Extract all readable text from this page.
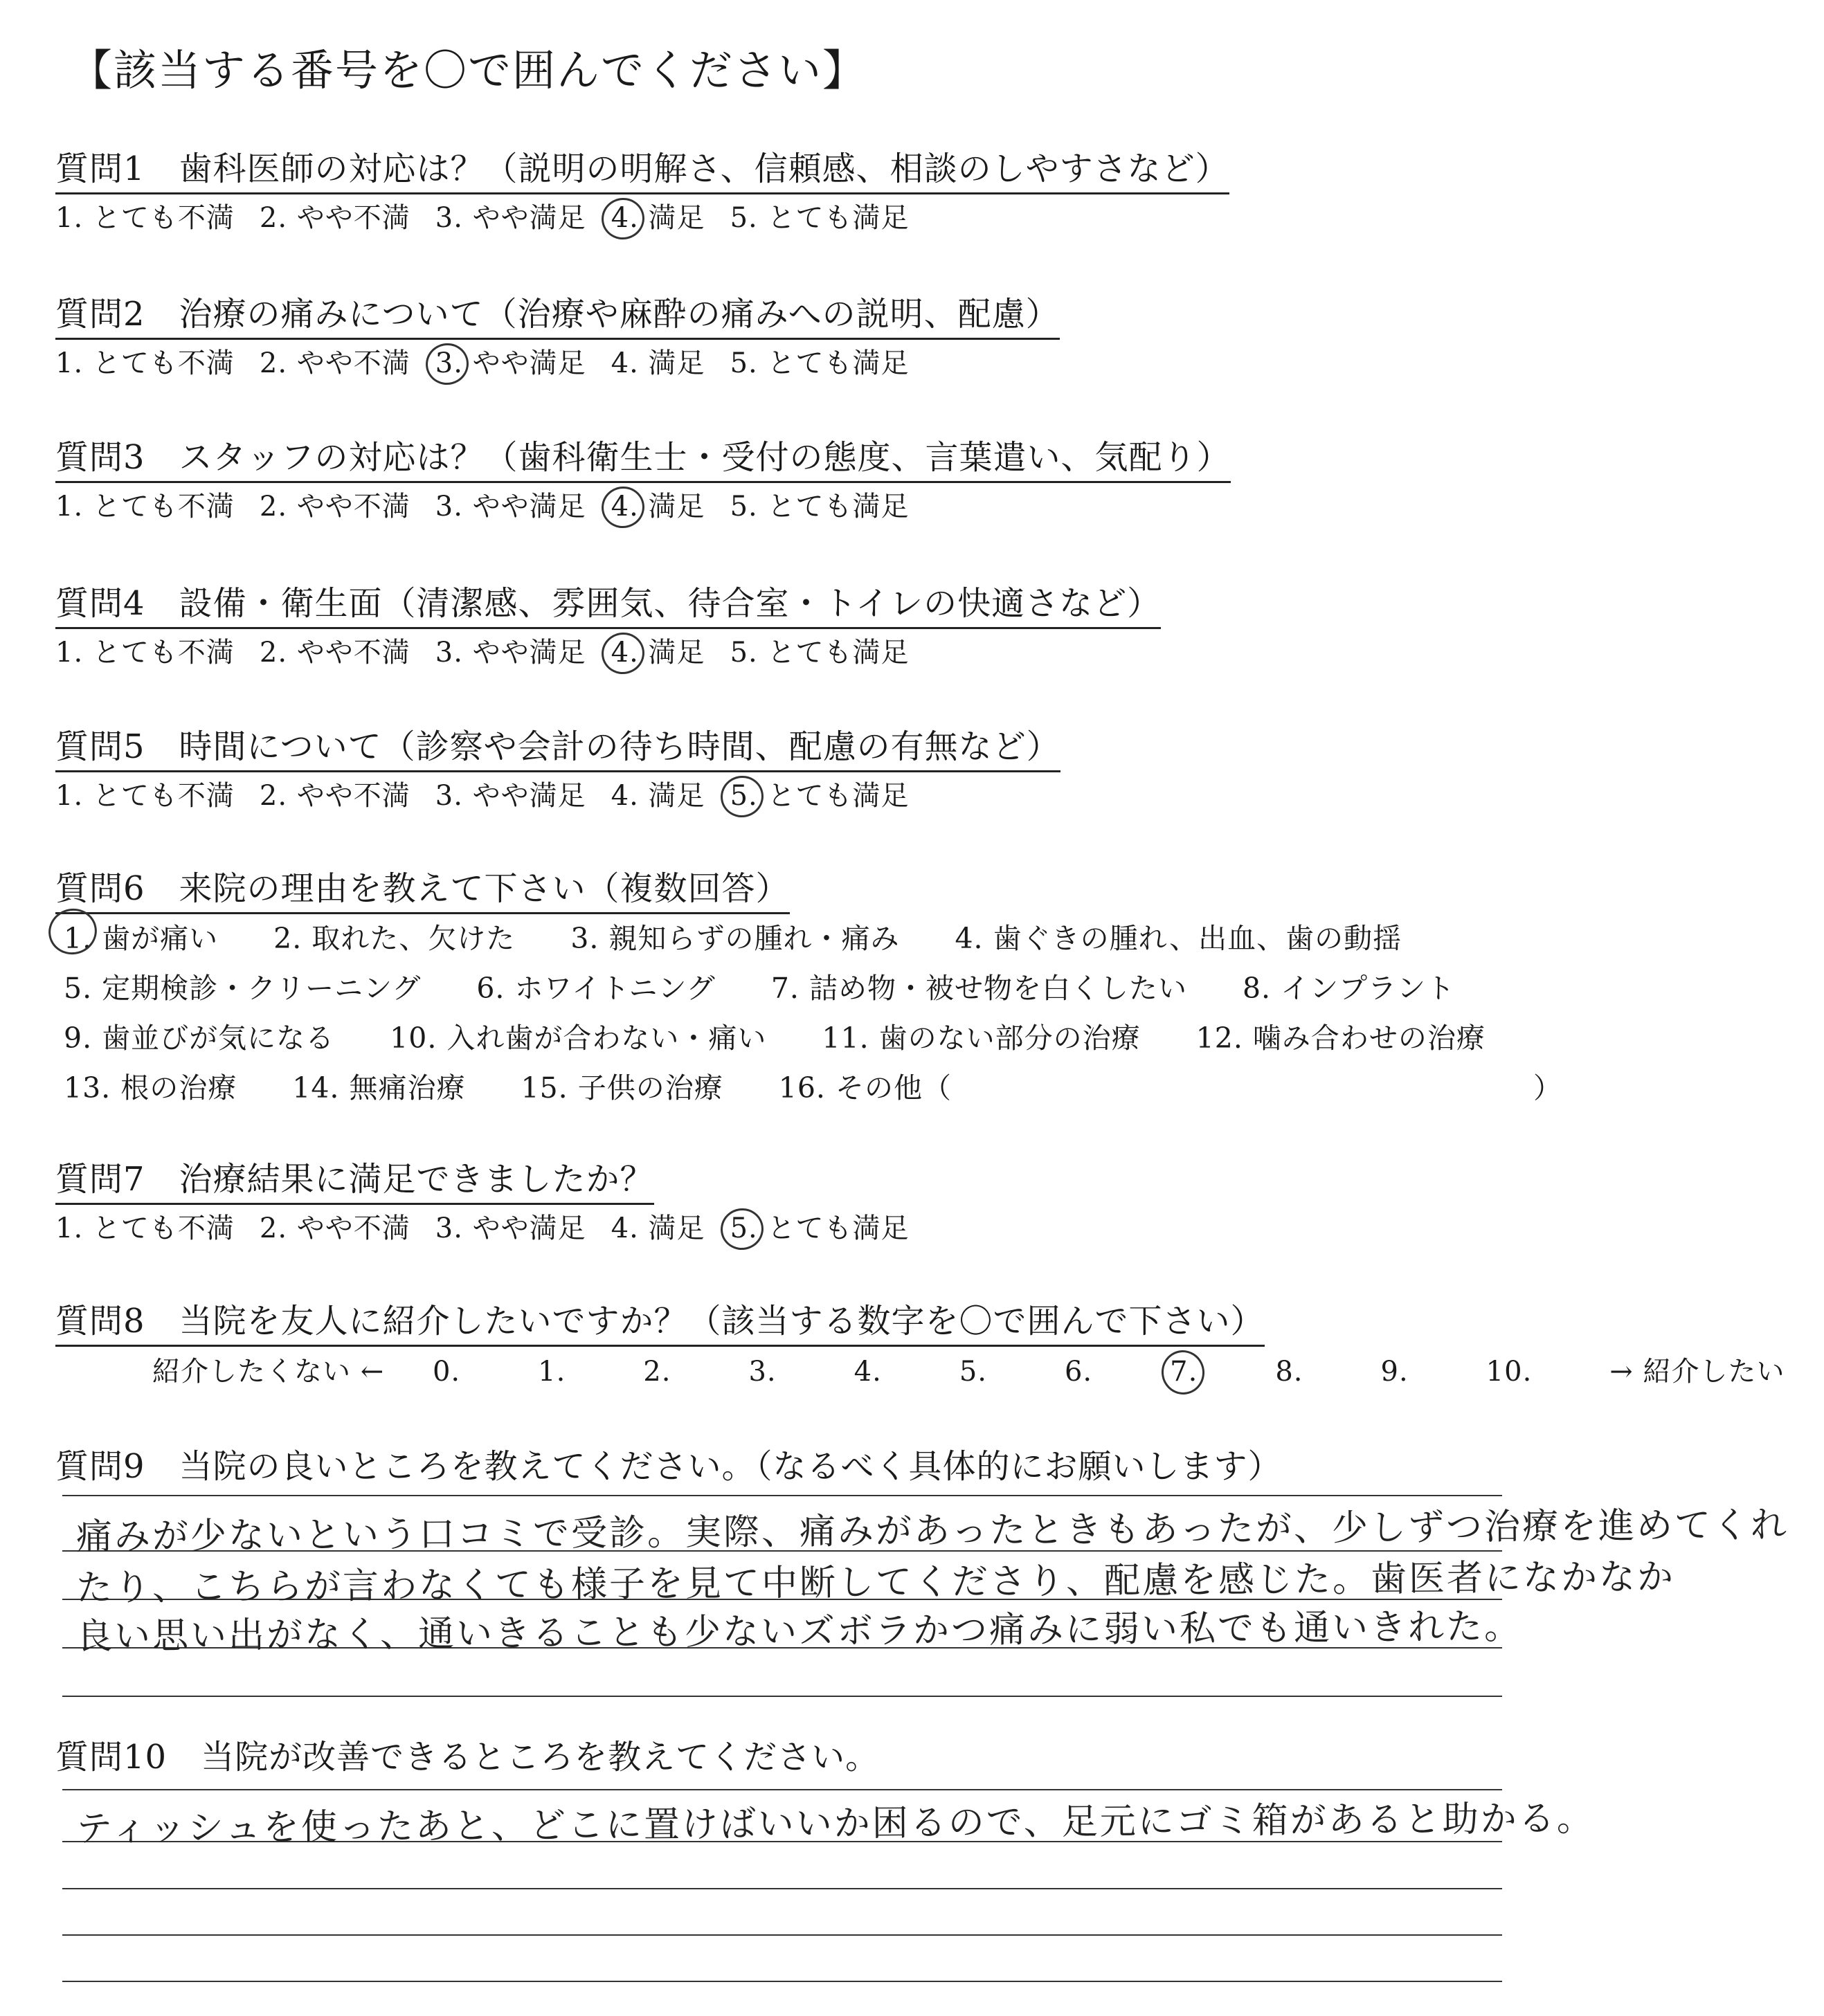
【該当する番号を〇で囲んでください】
質問1　歯科医師の対応は？（説明の明解さ、信頼感、相談のしやすさなど）
1. とても不満 2. やや不満 3. やや満足 4. 満足 5. とても満足
質問2　治療の痛みについて（治療や麻酔の痛みへの説明、配慮）
1. とても不満 2. やや不満 3. やや満足 4. 満足 5. とても満足
質問3　スタッフの対応は？（歯科衛生士・受付の態度、言葉遣い、気配り）
1. とても不満 2. やや不満 3. やや満足 4. 満足 5. とても満足
質問4　設備・衛生面（清潔感、雰囲気、待合室・トイレの快適さなど）
1. とても不満 2. やや不満 3. やや満足 4. 満足 5. とても満足
質問5　時間について（診察や会計の待ち時間、配慮の有無など）
1. とても不満 2. やや不満 3. やや満足 4. 満足 5. とても満足
質問6　来院の理由を教えて下さい（複数回答）
1. 歯が痛い 2. 取れた、欠けた 3. 親知らずの腫れ・痛み 4. 歯ぐきの腫れ、出血、歯の動揺
5. 定期検診・クリーニング 6. ホワイトニング 7. 詰め物・被せ物を白くしたい 8. インプラント
9. 歯並びが気になる 10. 入れ歯が合わない・痛い 11. 歯のない部分の治療 12. 噛み合わせの治療
13. 根の治療 14. 無痛治療 15. 子供の治療 16. その他（	）
質問7　治療結果に満足できましたか？
1. とても不満 2. やや不満 3. やや満足 4. 満足 5. とても満足
質問8　当院を友人に紹介したいですか？（該当する数字を〇で囲んで下さい）
紹介したくない ← 0.	1.	2.	3.	4.	5.	6.	7.	8.	9.	10.	→ 紹介したい
質問9　当院の良いところを教えてください。（なるべく具体的にお願いします）
痛みが少ないという口コミで受診。実際、痛みがあったときもあったが、少しずつ治療を進めてくれ
たり、こちらが言わなくても様子を見て中断してくださり、配慮を感じた。歯医者になかなか
良い思い出がなく、通いきることも少ないズボラかつ痛みに弱い私でも通いきれた。
質問10　当院が改善できるところを教えてください。
ティッシュを使ったあと、どこに置けばいいか困るので、足元にゴミ箱があると助かる。
